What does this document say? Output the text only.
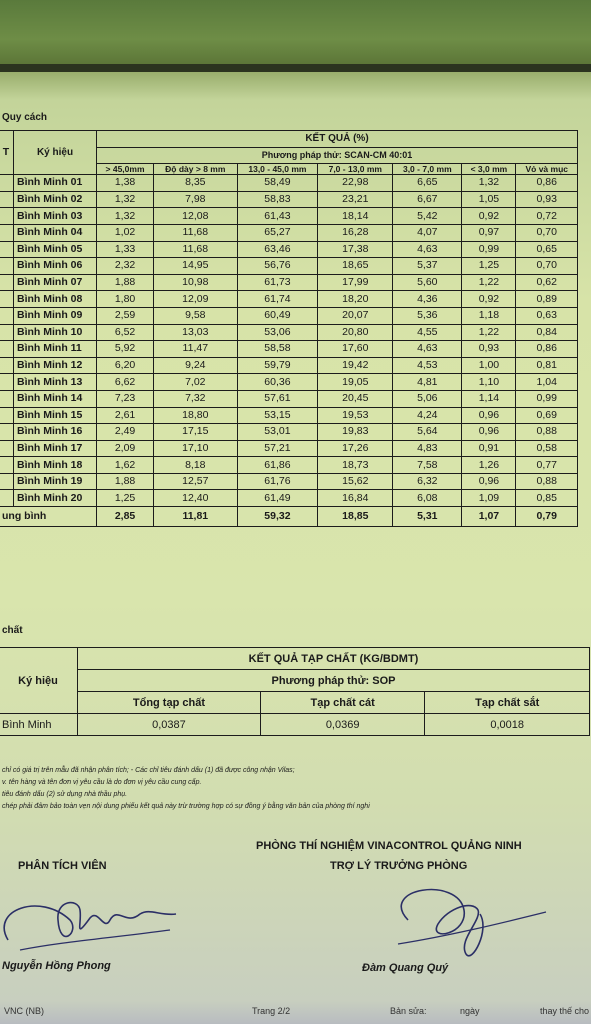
Quy cách
T	Ký hiệu	KẾT QUẢ (%)						
		Phương pháp thử: SCAN-CM 40:01						
		> 45,0mm	Độ dày > 8 mm	13,0 - 45,0 mm	7,0 - 13,0 mm	3,0 - 7,0 mm	< 3,0 mm	Vỏ và mục
	Bình Minh 01	1,38	8,35	58,49	22,98	6,65	1,32	0,86
	Bình Minh 02	1,32	7,98	58,83	23,21	6,67	1,05	0,93
	Bình Minh 03	1,32	12,08	61,43	18,14	5,42	0,92	0,72
	Bình Minh 04	1,02	11,68	65,27	16,28	4,07	0,97	0,70
	Bình Minh 05	1,33	11,68	63,46	17,38	4,63	0,99	0,65
	Bình Minh 06	2,32	14,95	56,76	18,65	5,37	1,25	0,70
	Bình Minh 07	1,88	10,98	61,73	17,99	5,60	1,22	0,62
	Bình Minh 08	1,80	12,09	61,74	18,20	4,36	0,92	0,89
	Bình Minh 09	2,59	9,58	60,49	20,07	5,36	1,18	0,63
	Bình Minh 10	6,52	13,03	53,06	20,80	4,55	1,22	0,84
	Bình Minh 11	5,92	11,47	58,58	17,60	4,63	0,93	0,86
	Bình Minh 12	6,20	9,24	59,79	19,42	4,53	1,00	0,81
	Bình Minh 13	6,62	7,02	60,36	19,05	4,81	1,10	1,04
	Bình Minh 14	7,23	7,32	57,61	20,45	5,06	1,14	0,99
	Bình Minh 15	2,61	18,80	53,15	19,53	4,24	0,96	0,69
	Bình Minh 16	2,49	17,15	53,01	19,83	5,64	0,96	0,88
	Bình Minh 17	2,09	17,10	57,21	17,26	4,83	0,91	0,58
	Bình Minh 18	1,62	8,18	61,86	18,73	7,58	1,26	0,77
	Bình Minh 19	1,88	12,57	61,76	15,62	6,32	0,96	0,88
	Bình Minh 20	1,25	12,40	61,49	16,84	6,08	1,09	0,85
ung bình		2,85	11,81	59,32	18,85	5,31	1,07	0,79
chất
Ký hiệu	KẾT QUẢ TẠP CHẤT (KG/BDMT)		
	Phương pháp thử: SOP		
	Tổng tạp chất	Tạp chất cát	Tạp chất sắt
Bình Minh	0,0387	0,0369	0,0018
chỉ có giá trị trên mẫu đã nhận phân tích; - Các chỉ tiêu đánh dấu (1) đã được công nhận Vilas;
v. tên hàng và tên đơn vị yêu cầu là do đơn vị yêu cầu cung cấp.
tiêu đánh dấu (2) sử dụng nhà thầu phụ.
chép phải đảm bảo toàn vẹn nội dung phiếu kết quả này trừ trường hợp có sự đồng ý bằng văn bản của phòng thí nghi
PHÒNG THÍ NGHIỆM VINACONTROL QUẢNG NINH
PHÂN TÍCH VIÊN	TRỢ LÝ TRƯỞNG PHÒNG
Nguyễn Hồng Phong	Đàm Quang Quý
VNC (NB)	Trang 2/2	Bản sửa:	ngày	thay thế cho
